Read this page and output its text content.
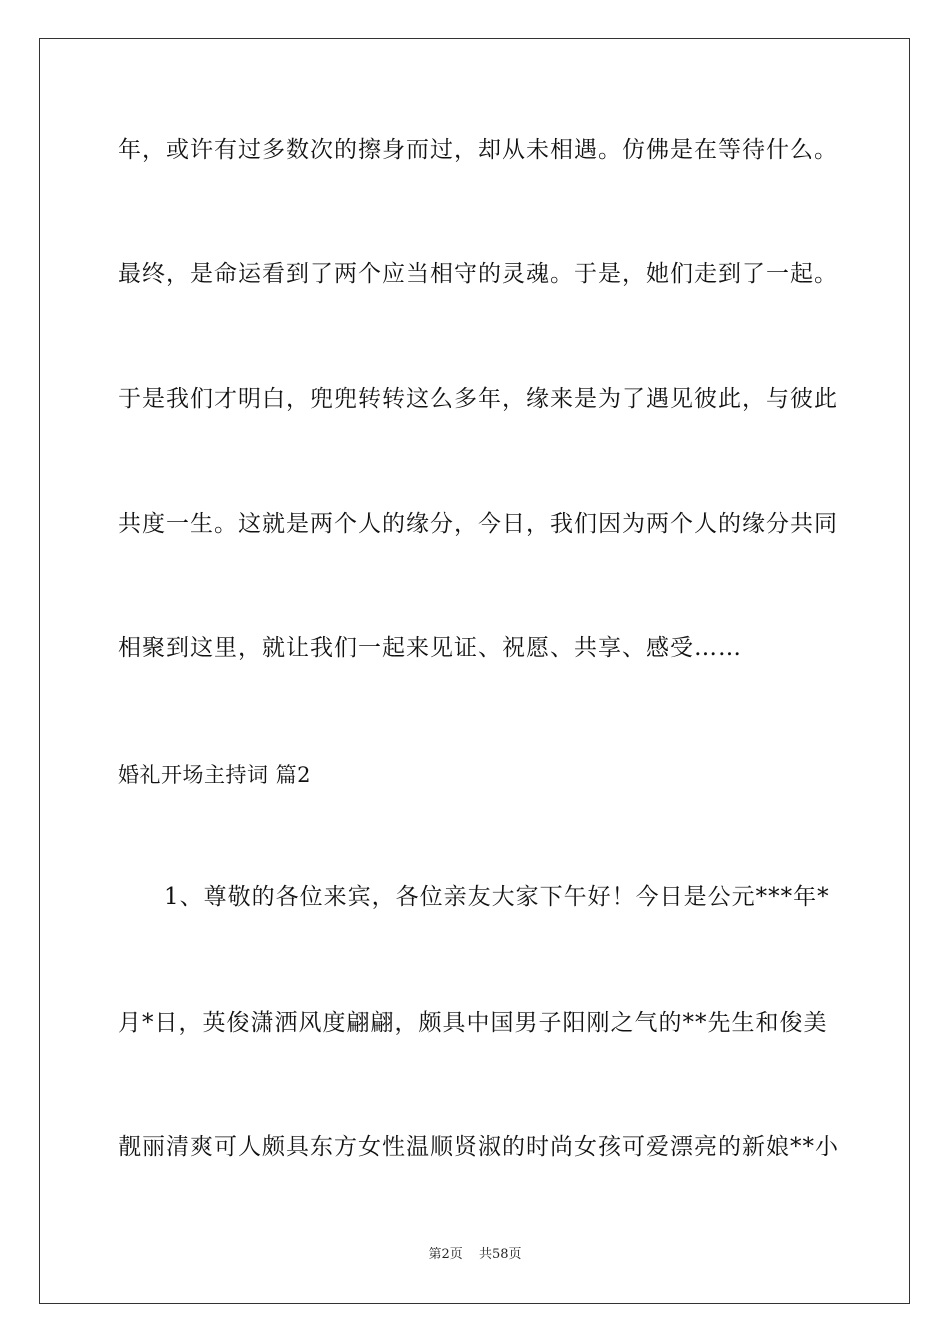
年，或许有过多数次的擦身而过，却从未相遇。仿佛是在等待什么。
最终，是命运看到了两个应当相守的灵魂。于是，她们走到了一起。
于是我们才明白，兜兜转转这么多年，缘来是为了遇见彼此，与彼此
共度一生。这就是两个人的缘分，今日，我们因为两个人的缘分共同
相聚到这里，就让我们一起来见证、祝愿、共享、感受……
婚礼开场主持词 篇2
1、尊敬的各位来宾，各位亲友大家下午好！今日是公元***年*
月*日，英俊潇洒风度翩翩，颇具中国男子阳刚之气的**先生和俊美
靓丽清爽可人颇具东方女性温顺贤淑的时尚女孩可爱漂亮的新娘**小
第2页 共58页
